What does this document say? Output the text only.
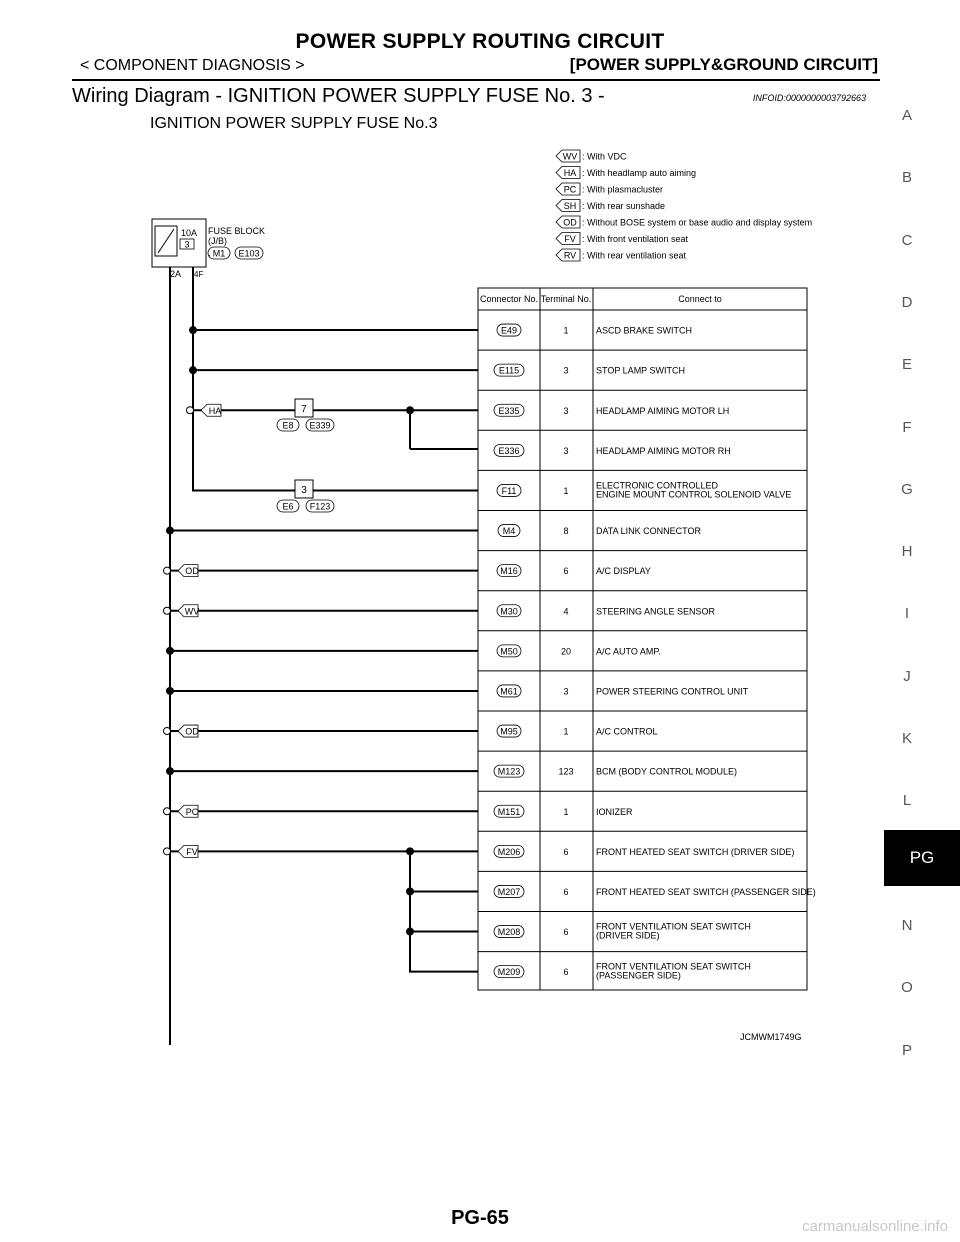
POWER SUPPLY ROUTING CIRCUIT
< COMPONENT DIAGNOSIS >	[POWER SUPPLY&GROUND CIRCUIT]
Wiring Diagram - IGNITION POWER SUPPLY FUSE No. 3 -	INFOID:0000000003792663
IGNITION POWER SUPPLY FUSE No.3
WV : With VDC
HA : With headlamp auto aiming
PC : With plasmacluster
SH : With rear sunshade
OD : Without BOSE system or base audio and display system
FV : With front ventilation seat
RV : With rear ventilation seat
10A
3
FUSE BLOCK
(J/B)
M1 E103
,
2A 4F
HA
OD
WV
OD
PC
FV
7
3
E8 E339
E6 F123
Connector No. Terminal No.	Connect to
E49	1	ASCD BRAKE SWITCH
E115	3	STOP LAMP SWITCH
E335	3	HEADLAMP AIMING MOTOR LH
E336	3	HEADLAMP AIMING MOTOR RH
F11	1
ELECTRONIC CONTROLLED
ENGINE MOUNT CONTROL SOLENOID VALVE
M4	8	DATA LINK CONNECTOR
M16	6	A/C DISPLAY
M30	4	STEERING ANGLE SENSOR
M50	20	A/C AUTO AMP.
M61	3	POWER STEERING CONTROL UNIT
M95	1	A/C CONTROL
M123	123 BCM (BODY CONTROL MODULE)
M151	1	IONIZER
M206	6	FRONT HEATED SEAT SWITCH (DRIVER SIDE)
M207	6	FRONT HEATED SEAT SWITCH (PASSENGER SIDE)
M208	6
FRONT VENTILATION SEAT SWITCH
(DRIVER SIDE)
M209	6
FRONT VENTILATION SEAT SWITCH
(PASSENGER SIDE)
JCMWM1749G
A
B
C
D
E
F
G
H
I
J
K
L
N
O
P
PG
PG-65	carmanualsonline.info
